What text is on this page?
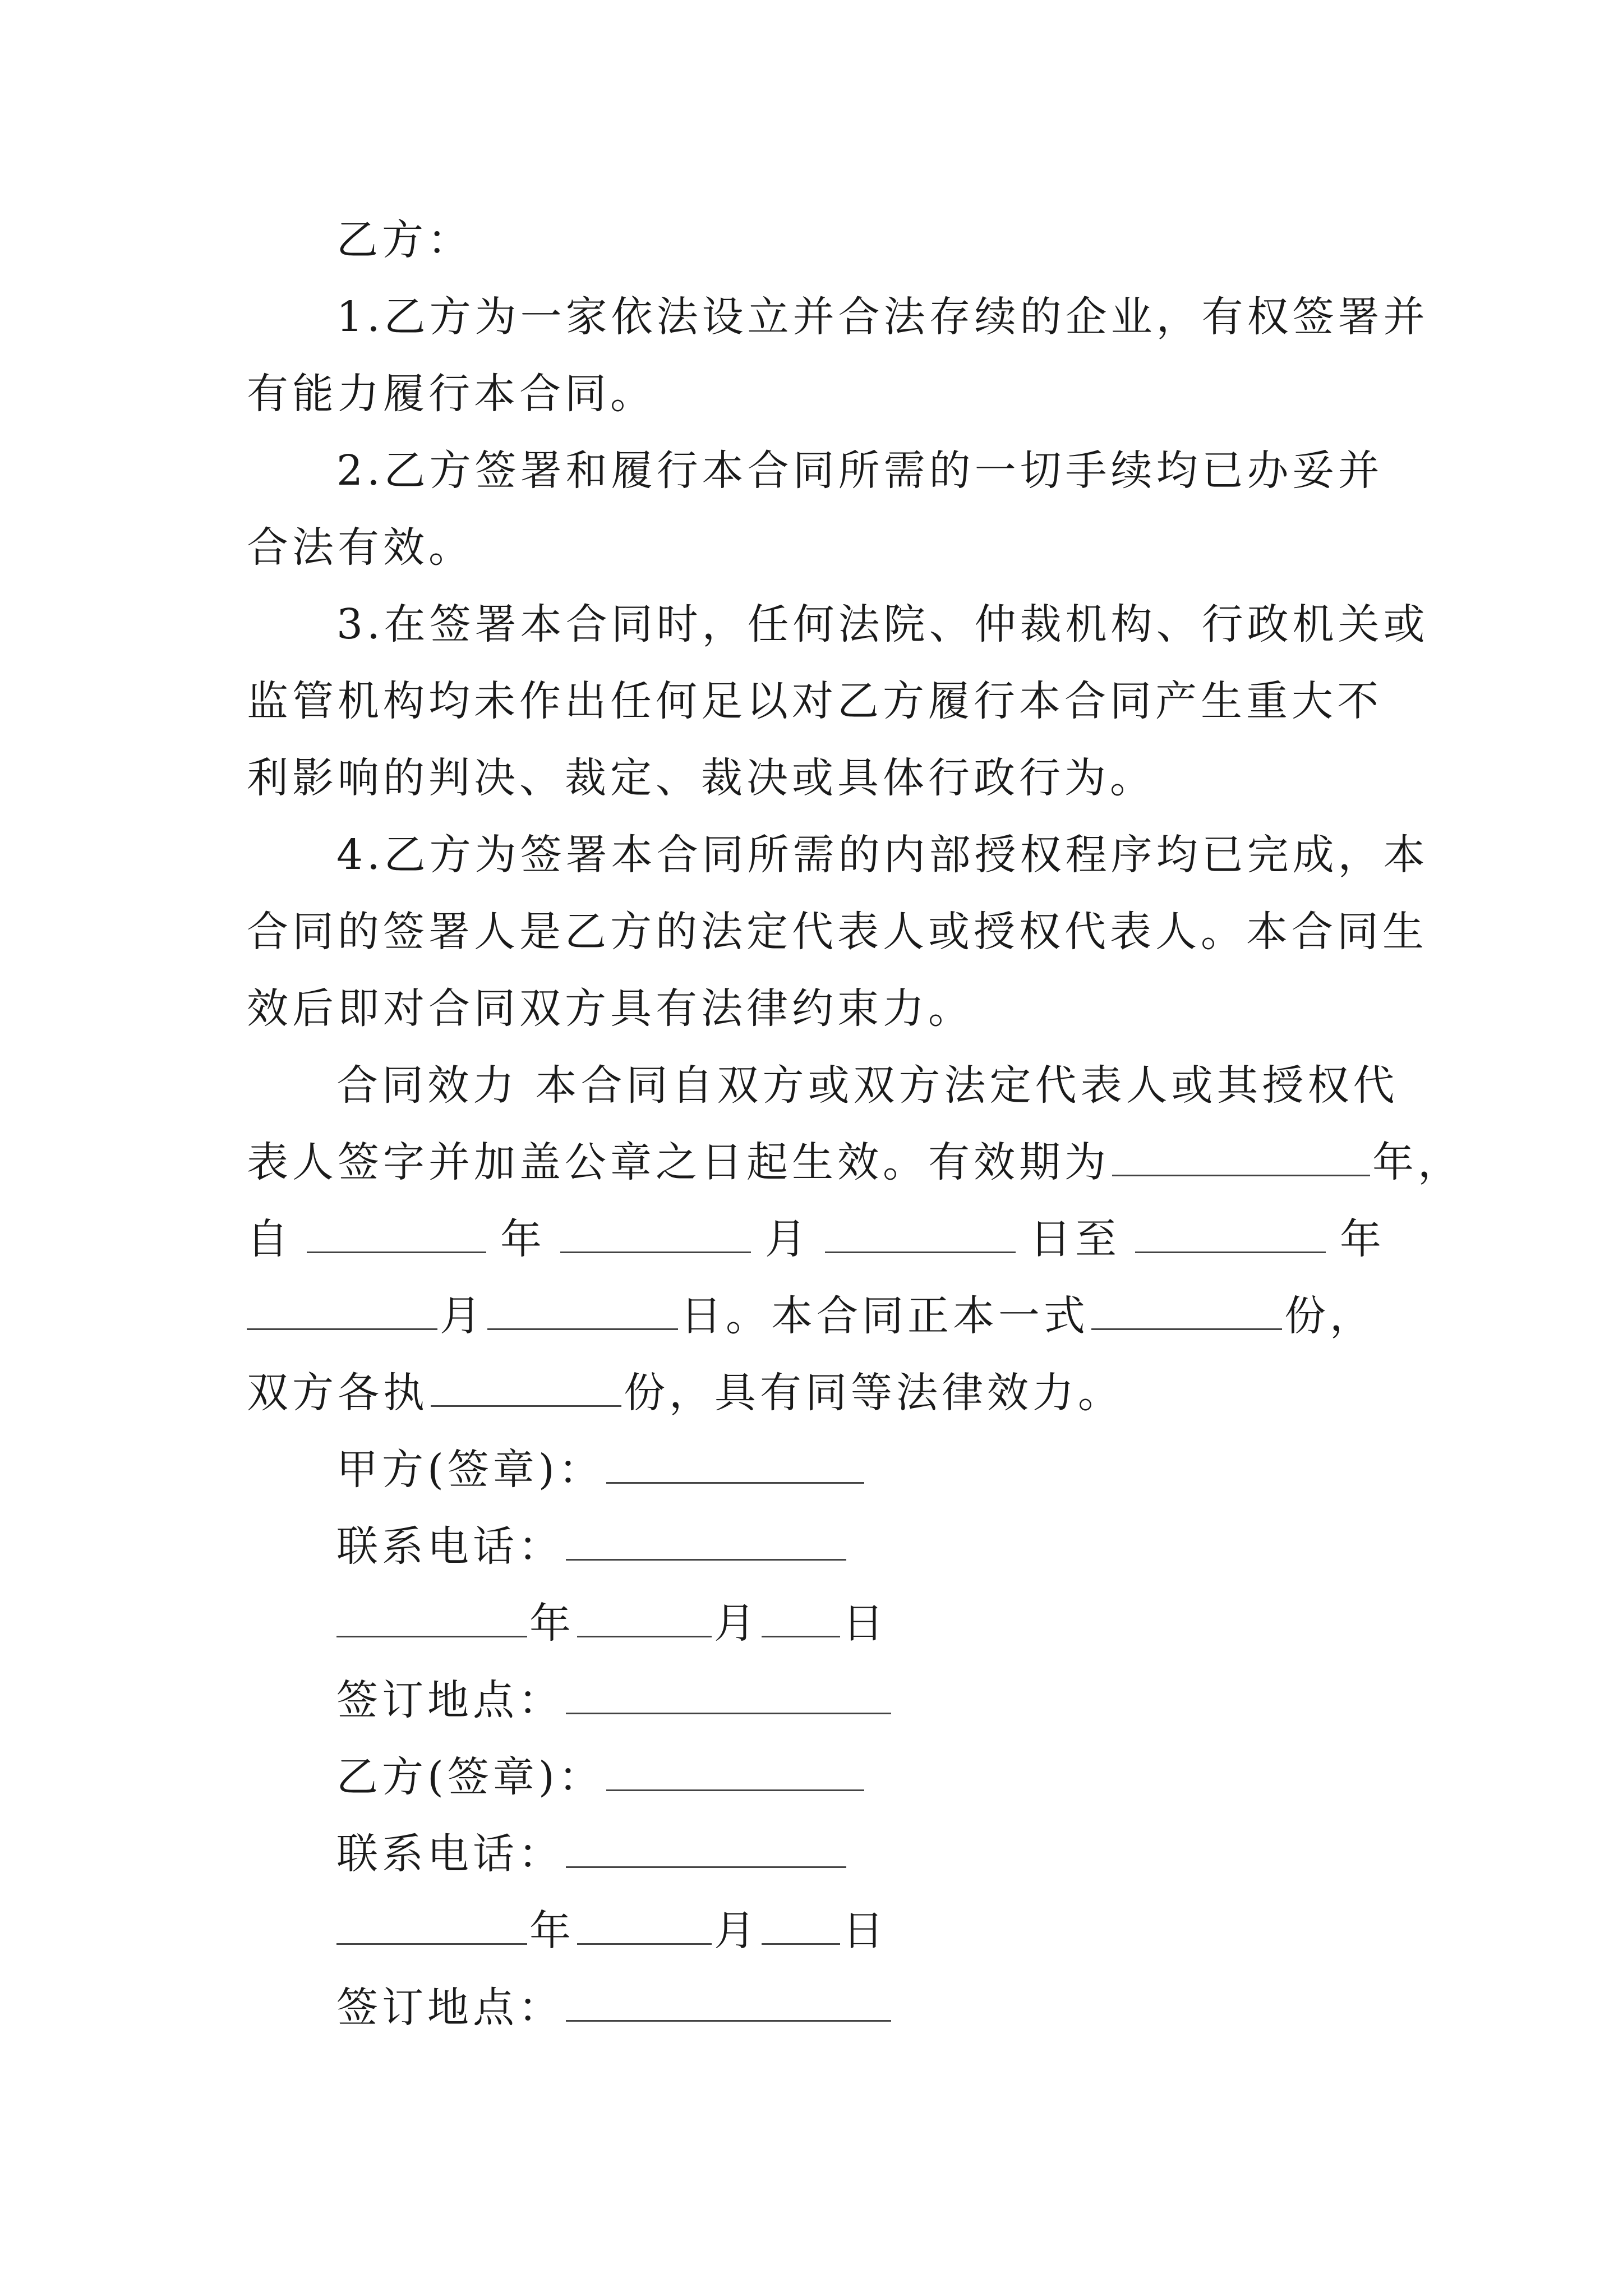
乙方：
1.乙方为一家依法设立并合法存续的企业，有权签署并
有能力履行本合同。
2.乙方签署和履行本合同所需的一切手续均已办妥并
合法有效。
3.在签署本合同时，任何法院、仲裁机构、行政机关或
监管机构均未作出任何足以对乙方履行本合同产生重大不
利影响的判决、裁定、裁决或具体行政行为。
4.乙方为签署本合同所需的内部授权程序均已完成，本
合同的签署人是乙方的法定代表人或授权代表人。本合同生
效后即对合同双方具有法律约束力。
合同效力 本合同自双方或双方法定代表人或其授权代
表人签字并加盖公章之日起生效。有效期为	年，
自	年	月	日至	年
月	日。本合同正本一式	份，
双方各执	份，具有同等法律效力。
甲方(签章)：
联系电话：
年	月 日
签订地点：
乙方(签章)：
联系电话：
年	月 日
签订地点：
